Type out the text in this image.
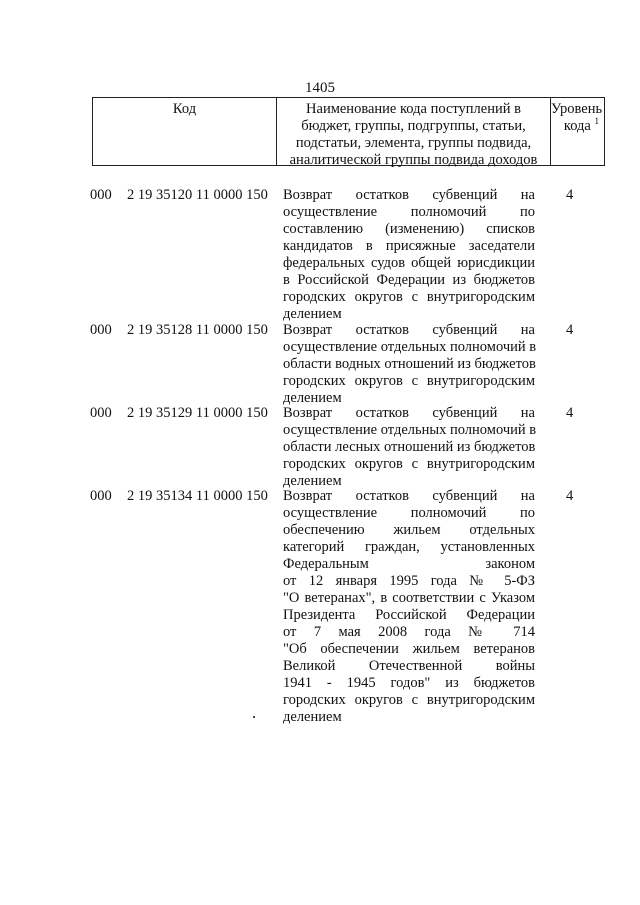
1405
Код	Наименование кода поступлений в
бюджет, группы, подгруппы, статьи,
подстатьи, элемента, группы подвида,
аналитической группы подвида доходов
Уровень
кода $^1$
000 2 19 35120 11 0000 150 Возврат остатков субвенций на
осуществление полномочий по
составлению (изменению) списков
кандидатов в присяжные заседатели
федеральных судов общей юрисдикции
в Российской Федерации из бюджетов
городских округов с внутригородским
делением
4
000 2 19 35128 11 0000 150 Возврат остатков субвенций на
осуществление отдельных полномочий в
области водных отношений из бюджетов
городских округов с внутригородским
делением
4
000 2 19 35129 11 0000 150 Возврат остатков субвенций на
осуществление отдельных полномочий в
области лесных отношений из бюджетов
городских округов с внутригородским
делением
4
000 2 19 35134 11 0000 150 Возврат остатков субвенций на
осуществление полномочий по
обеспечению жильем отдельных
категорий граждан, установленных
Федеральным законом
от 12 января 1995 года № 5-ФЗ
"О ветеранах", в соответствии с Указом
Президента Российской Федерации
от 7 мая 2008 года № 714
"Об обеспечении жильем ветеранов
Великой Отечественной войны
1941 - 1945 годов" из бюджетов
городских округов с внутригородским
делением
4
